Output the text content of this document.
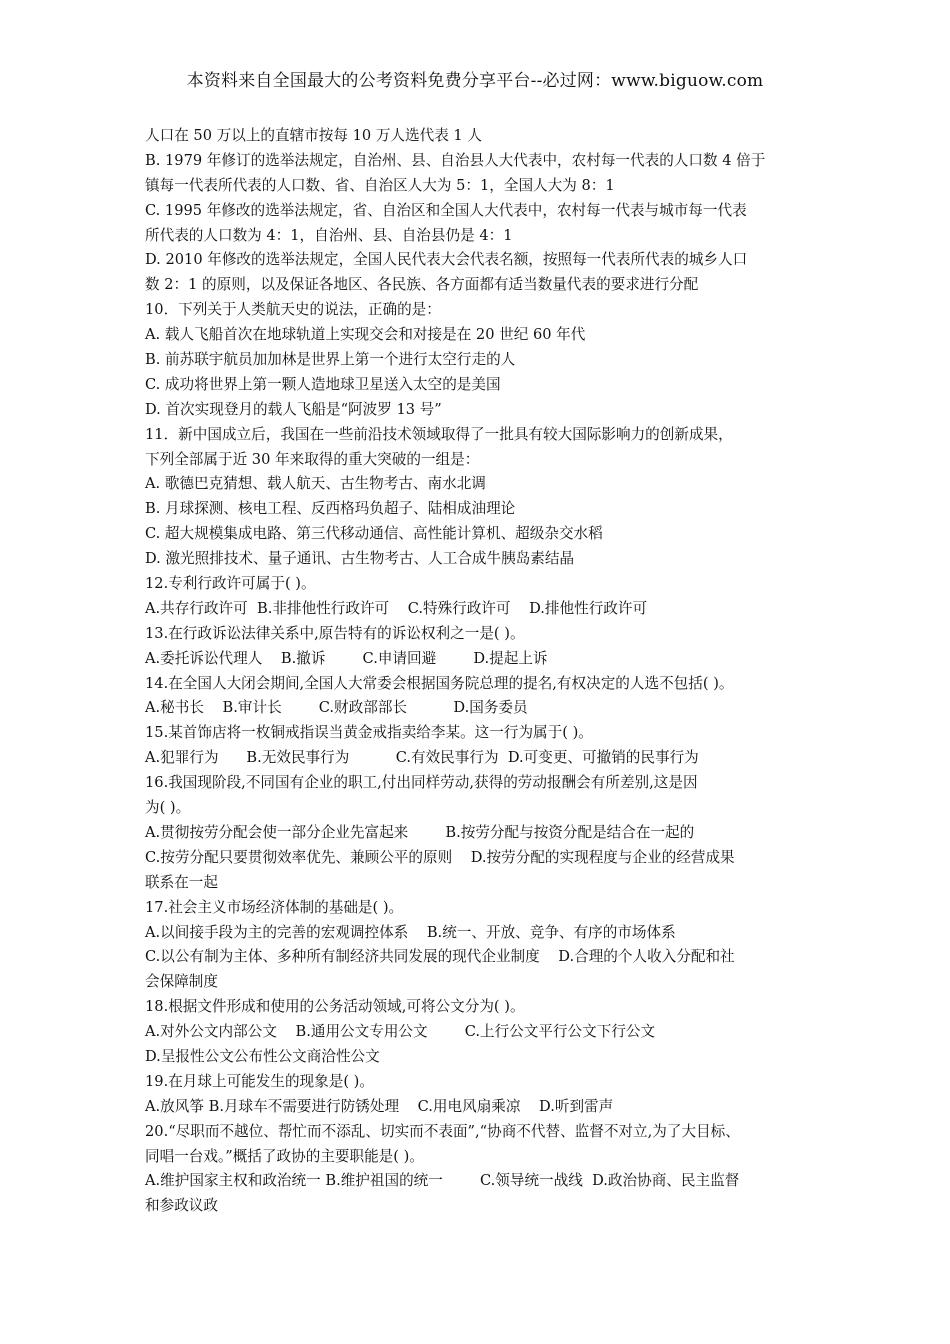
本资料来自全国最大的公考资料免费分享平台--必过网：www.biguow.com
人口在 50 万以上的直辖市按每 10 万人选代表 1 人
B. 1979 年修订的选举法规定，自治州、县、自治县人大代表中，农村每一代表的人口数 4 倍于
镇每一代表所代表的人口数、省、自治区人大为 5：1，全国人大为 8：1
C. 1995 年修改的选举法规定，省、自治区和全国人大代表中，农村每一代表与城市每一代表
所代表的人口数为 4：1，自治州、县、自治县仍是 4：1
D. 2010 年修改的选举法规定，全国人民代表大会代表名额，按照每一代表所代表的城乡人口
数 2：1 的原则，以及保证各地区、各民族、各方面都有适当数量代表的要求进行分配
10．下列关于人类航天史的说法，正确的是：
A. 载人飞船首次在地球轨道上实现交会和对接是在 20 世纪 60 年代
B. 前苏联宇航员加加林是世界上第一个进行太空行走的人
C. 成功将世界上第一颗人造地球卫星送入太空的是美国
D. 首次实现登月的载人飞船是“阿波罗 13 号”
11．新中国成立后，我国在一些前沿技术领域取得了一批具有较大国际影响力的创新成果，
下列全部属于近 30 年来取得的重大突破的一组是：
A. 歌德巴克猜想、载人航天、古生物考古、南水北调
B. 月球探测、核电工程、反西格玛负超子、陆相成油理论
C. 超大规模集成电路、第三代移动通信、高性能计算机、超级杂交水稻
D. 激光照排技术、量子通讯、古生物考古、人工合成牛胰岛素结晶
12.专利行政许可属于( )。
A.共存行政许可  B.非排他性行政许可    C.特殊行政许可    D.排他性行政许可
13.在行政诉讼法律关系中,原告特有的诉讼权利之一是( )。
A.委托诉讼代理人    B.撤诉        C.申请回避        D.提起上诉
14.在全国人大闭会期间,全国人大常委会根据国务院总理的提名,有权决定的人选不包括( )。
A.秘书长    B.审计长        C.财政部部长          D.国务委员
15.某首饰店将一枚铜戒指误当黄金戒指卖给李某。这一行为属于( )。
A.犯罪行为      B.无效民事行为          C.有效民事行为  D.可变更、可撤销的民事行为
16.我国现阶段,不同国有企业的职工,付出同样劳动,获得的劳动报酬会有所差别,这是因
为( )。
A.贯彻按劳分配会使一部分企业先富起来        B.按劳分配与按资分配是结合在一起的
C.按劳分配只要贯彻效率优先、兼顾公平的原则    D.按劳分配的实现程度与企业的经营成果
联系在一起
17.社会主义市场经济体制的基础是( )。
A.以间接手段为主的完善的宏观调控体系    B.统一、开放、竞争、有序的市场体系
C.以公有制为主体、多种所有制经济共同发展的现代企业制度    D.合理的个人收入分配和社
会保障制度
18.根据文件形成和使用的公务活动领域,可将公文分为( )。
A.对外公文内部公文    B.通用公文专用公文        C.上行公文平行公文下行公文
D.呈报性公文公布性公文商洽性公文
19.在月球上可能发生的现象是( )。
A.放风筝 B.月球车不需要进行防锈处理    C.用电风扇乘凉    D.听到雷声
20.“尽职而不越位、帮忙而不添乱、切实而不表面”,“协商不代替、监督不对立,为了大目标、
同唱一台戏。”概括了政协的主要职能是( )。
A.维护国家主权和政治统一 B.维护祖国的统一        C.领导统一战线  D.政治协商、民主监督
和参政议政
